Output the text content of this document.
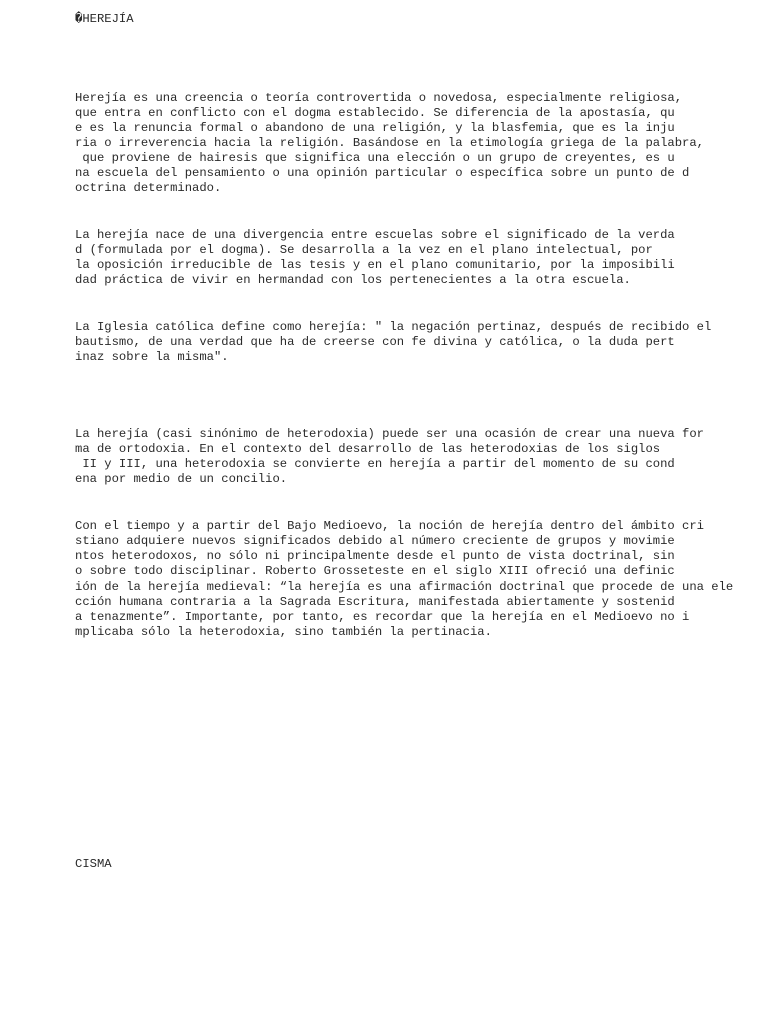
�HEREJÍA
Herejía es una creencia o teoría controvertida o novedosa, especialmente religiosa,
que entra en conflicto con el dogma establecido. Se diferencia de la apostasía, qu
e es la renuncia formal o abandono de una religión, y la blasfemia, que es la inju
ria o irreverencia hacia la religión. Basándose en la etimología griega de la palabra,
que proviene de hairesis que significa una elección o un grupo de creyentes, es u
na escuela del pensamiento o una opinión particular o específica sobre un punto de d
octrina determinado.
La herejía nace de una divergencia entre escuelas sobre el significado de la verda
d (formulada por el dogma). Se desarrolla a la vez en el plano intelectual, por
la oposición irreducible de las tesis y en el plano comunitario, por la imposibili
dad práctica de vivir en hermandad con los pertenecientes a la otra escuela.
La Iglesia católica define como herejía: " la negación pertinaz, después de recibido el
bautismo, de una verdad que ha de creerse con fe divina y católica, o la duda pert
inaz sobre la misma".
La herejía (casi sinónimo de heterodoxia) puede ser una ocasión de crear una nueva for
ma de ortodoxia. En el contexto del desarrollo de las heterodoxias de los siglos
II y III, una heterodoxia se convierte en herejía a partir del momento de su cond
ena por medio de un concilio.
Con el tiempo y a partir del Bajo Medioevo, la noción de herejía dentro del ámbito cri
stiano adquiere nuevos significados debido al número creciente de grupos y movimie
ntos heterodoxos, no sólo ni principalmente desde el punto de vista doctrinal, sin
o sobre todo disciplinar. Roberto Grosseteste en el siglo XIII ofreció una definic
ión de la herejía medieval: “la herejía es una afirmación doctrinal que procede de una ele
cción humana contraria a la Sagrada Escritura, manifestada abiertamente y sostenid
a tenazmente”. Importante, por tanto, es recordar que la herejía en el Medioevo no i
mplicaba sólo la heterodoxia, sino también la pertinacia.
CISMA
